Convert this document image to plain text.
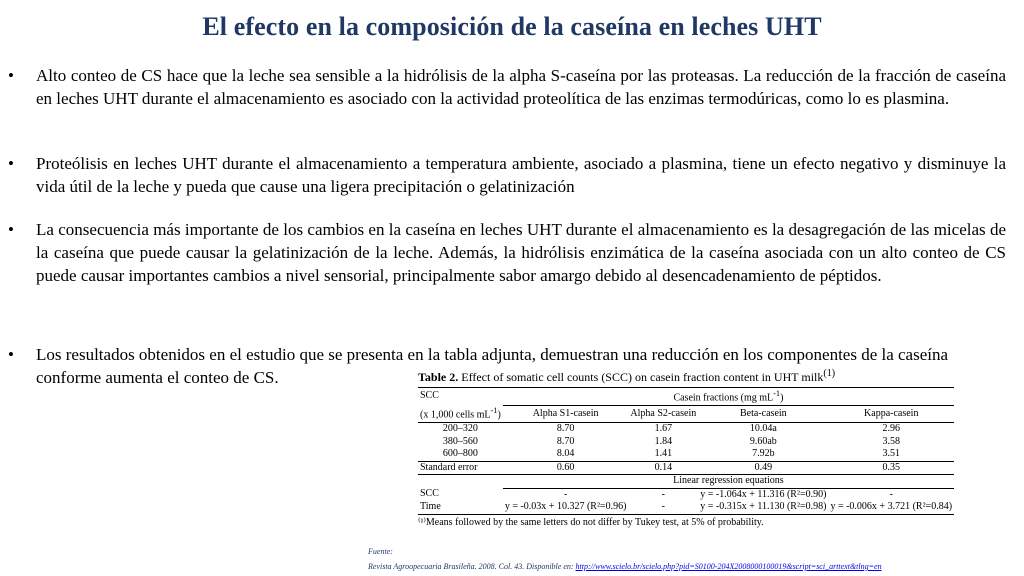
El efecto en la composición de la caseína en leches UHT
•	Alto conteo de CS hace que la leche sea sensible a la hidrólisis de la alpha S-caseína por las proteasas. La reducción de la fracción de caseína en leches UHT durante el almacenamiento es asociado con la actividad proteolítica de las enzimas termodúricas, como lo es plasmina.
•	Proteólisis en leches UHT durante el almacenamiento a temperatura ambiente, asociado a plasmina, tiene un efecto negativo y disminuye la vida útil de la leche y pueda que cause una ligera precipitación o gelatinización
•	La consecuencia más importante de los cambios en la caseína en leches UHT durante el almacenamiento es la desagregación de las micelas de la caseína que puede causar la gelatinización de la leche. Además, la hidrólisis enzimática de la caseína asociada con un alto conteo de CS puede causar importantes cambios a nivel sensorial, principalmente sabor amargo debido al desencadenamiento de péptidos.
•	Los resultados obtenidos en el estudio que se presenta en la tabla adjunta, demuestran una reducción en los componentes de la caseína conforme aumenta el conteo de CS.	Table 2. Effect of somatic cell counts (SCC) on casein fraction content in UHT milk$^{(1)}$
SCC	Casein fractions (mg $mL^{-1}$)			
(x 1,000 cells $mL^{-1}$)	Alpha S1-casein	Alpha S2-casein	Beta-casein	Kappa-casein
200–320	8.70	1.67	10.04a	2.96
380–560	8.70	1.84	9.60ab	3.58
600–800	8.04	1.41	7.92b	3.51
Standard error	0.60	0.14	0.49	0.35
	Linear regression equations			
SCC	-	-	y = -1.064x + 11.316 (R²=0.90)	-
Time	y = -0.03x + 10.327 (R²=0.96)	-	y = -0.315x + 11.130 (R²=0.98)	y = -0.006x + 3.721 (R²=0.84)
⁽¹⁾Means followed by the same letters do not differ by Tukey test, at 5% of probability.
Fuente:
Revista Agroopecuaria Brasileña. 2008. Col. 43. Disponible en: http://www.scielo.br/scielo.php?pid=S0100-204X2008000100019&script=sci_arttext&tlng=en
